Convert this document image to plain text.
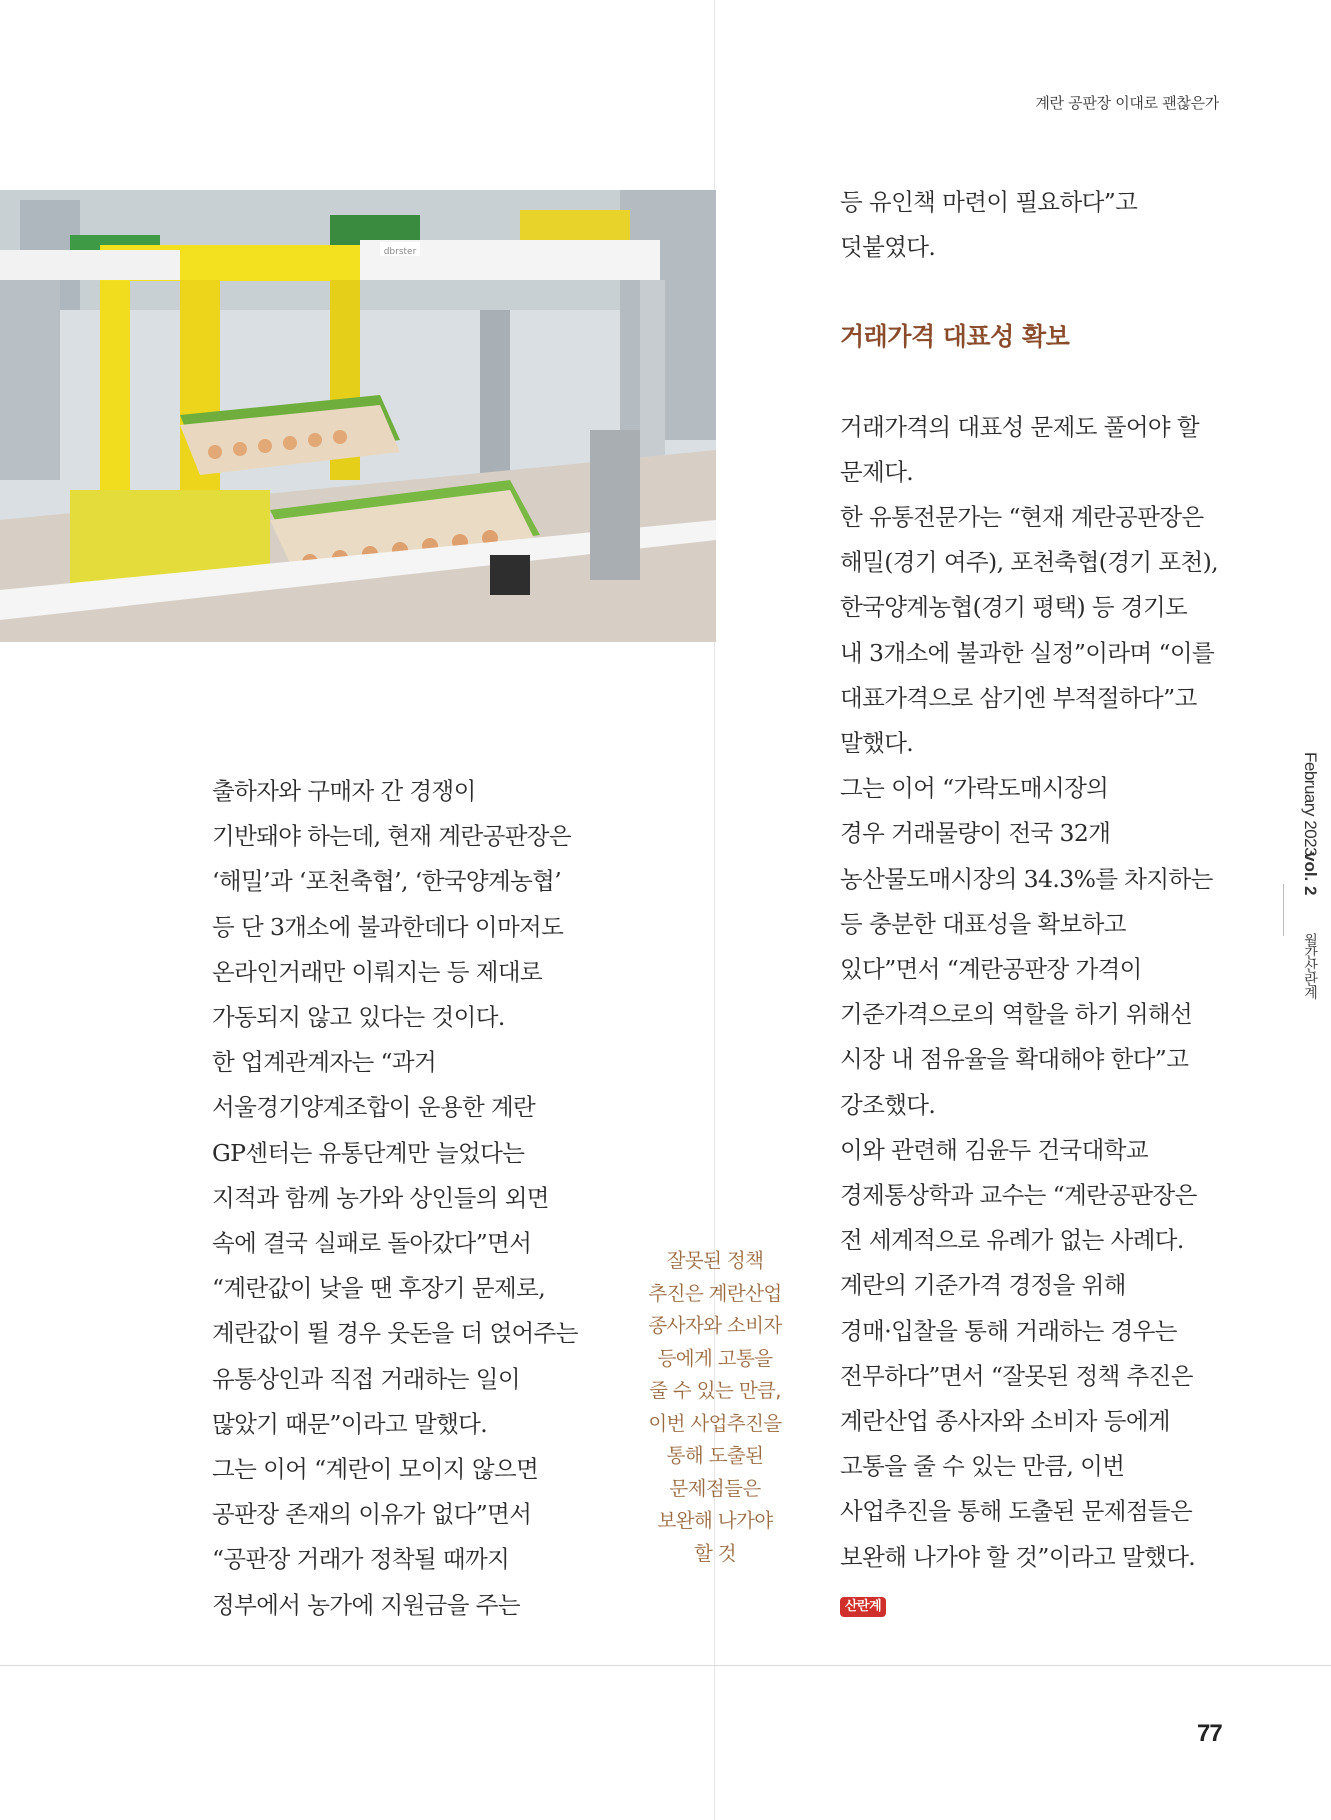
계란 공판장 이대로 괜찮은가
dbrster

출하자와 구매자 간 경쟁이

기반돼야 하는데, 현재 계란공판장은

‘해밀’과 ‘포천축협’, ‘한국양계농협’

등 단 3개소에 불과한데다 이마저도

온라인거래만 이뤄지는 등 제대로

가동되지 않고 있다는 것이다.

한 업계관계자는 “과거

서울경기양계조합이 운용한 계란

GP센터는 유통단계만 늘었다는

지적과 함께 농가와 상인들의 외면

속에 결국 실패로 돌아갔다”면서

“계란값이 낮을 땐 후장기 문제로,

계란값이 뛸 경우 웃돈을 더 얹어주는

유통상인과 직접 거래하는 일이

많았기 때문”이라고 말했다.

그는 이어 “계란이 모이지 않으면

공판장 존재의 이유가 없다”면서

“공판장 거래가 정착될 때까지

정부에서 농가에 지원금을 주는

잘못된 정책

추진은 계란산업

종사자와 소비자

등에게 고통을

줄 수 있는 만큼,

이번 사업추진을

통해 도출된

문제점들은

보완해 나가야

할 것

등 유인책 마련이 필요하다”고

덧붙였다.

거래가격 대표성 확보

거래가격의 대표성 문제도 풀어야 할

문제다.

한 유통전문가는 “현재 계란공판장은

해밀(경기 여주), 포천축협(경기 포천),

한국양계농협(경기 평택) 등 경기도

내 3개소에 불과한 실정”이라며 “이를

대표가격으로 삼기엔 부적절하다”고

말했다.

그는 이어 “가락도매시장의

경우 거래물량이 전국 32개

농산물도매시장의 34.3%를 차지하는

등 충분한 대표성을 확보하고

있다”면서 “계란공판장 가격이

기준가격으로의 역할을 하기 위해선

시장 내 점유율을 확대해야 한다”고

강조했다.

이와 관련해 김윤두 건국대학교

경제통상학과 교수는 “계란공판장은

전 세계적으로 유례가 없는 사례다.

계란의 기준가격 경정을 위해

경매·입찰을 통해 거래하는 경우는

전무하다”면서 “잘못된 정책 추진은

계란산업 종사자와 소비자 등에게

고통을 줄 수 있는 만큼, 이번

사업추진을 통해 도출된 문제점들은

보완해 나가야 할 것”이라고 말했다.

산란계
February 2023
vol. 2
월간산란계
77
